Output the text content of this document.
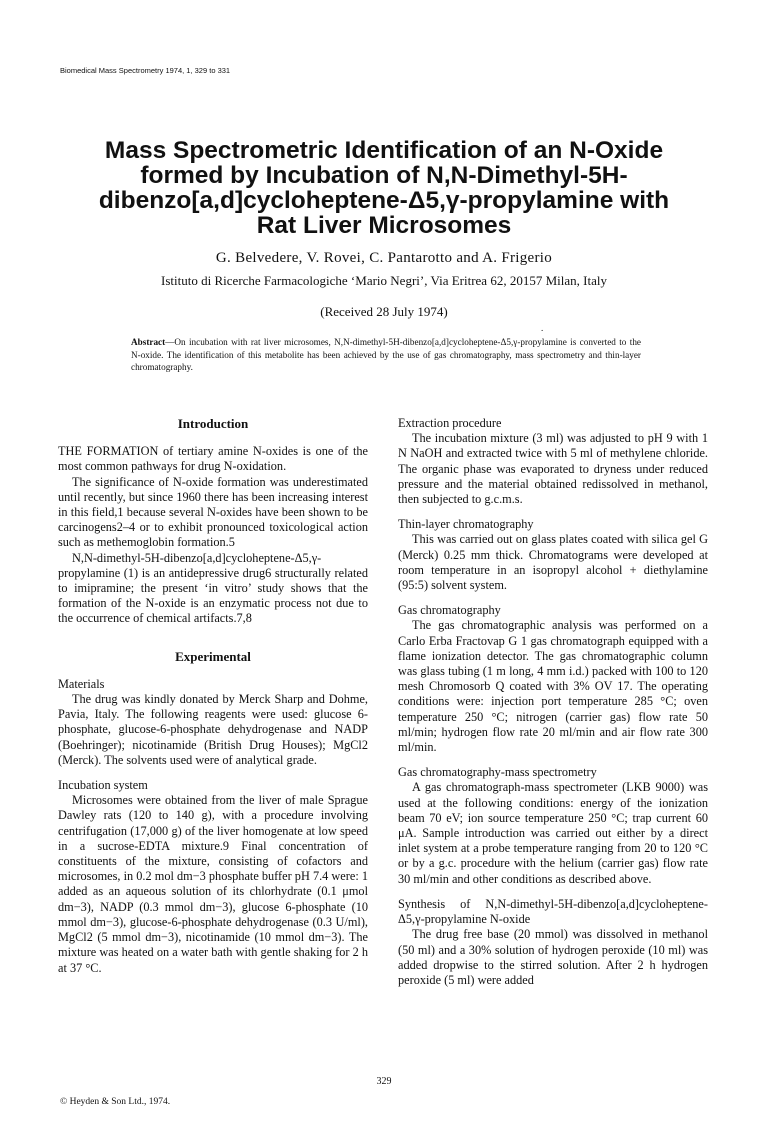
Biomedical Mass Spectrometry 1974, 1, 329 to 331
Mass Spectrometric Identification of an N-Oxide
formed by Incubation of N,N-Dimethyl-5H-
dibenzo[a,d]cycloheptene-Δ5,γ-propylamine with
Rat Liver Microsomes
G. Belvedere, V. Rovei, C. Pantarotto and A. Frigerio
Istituto di Ricerche Farmacologiche ‘Mario Negri’, Via Eritrea 62, 20157 Milan, Italy
(Received 28 July 1974)
.
Abstract—On incubation with rat liver microsomes, N,N-dimethyl-5H-dibenzo[a,d]cycloheptene-Δ5,γ-propylamine is converted to the N-oxide. The identification of this metabolite has been achieved by the use of gas chromatography, mass spectrometry and thin-layer chromatography.
Introduction

THE FORMATION of tertiary amine N-oxides is one of the most common pathways for drug N-oxidation.

The significance of N-oxide formation was underestimated until recently, but since 1960 there has been increasing interest in this field,1 because several N-oxides have been shown to be carcinogens2–4 or to exhibit pronounced toxicological action such as methemoglobin formation.5

N,N-dimethyl-5H-dibenzo[a,d]cycloheptene-Δ5,γ-propylamine (1) is an antidepressive drug6 structurally related to imipramine; the present ‘in vitro’ study shows that the formation of the N-oxide is an enzymatic process not due to the occurrence of chemical artifacts.7,8

Experimental

Materials

The drug was kindly donated by Merck Sharp and Dohme, Pavia, Italy. The following reagents were used: glucose 6-phosphate, glucose-6-phosphate dehydrogenase and NADP (Boehringer); nicotinamide (British Drug Houses); MgCl2 (Merck). The solvents used were of analytical grade.

Incubation system

Microsomes were obtained from the liver of male Sprague Dawley rats (120 to 140 g), with a procedure involving centrifugation (17,000 g) of the liver homogenate at low speed in a sucrose-EDTA mixture.9 Final concentration of constituents of the mixture, consisting of cofactors and microsomes, in 0.2 mol dm−3 phosphate buffer pH 7.4 were: 1 added as an aqueous solution of its chlorhydrate (0.1 μmol dm−3), NADP (0.3 mmol dm−3), glucose 6-phosphate (10 mmol dm−3), glucose-6-phosphate dehydrogenase (0.3 U/ml), MgCl2 (5 mmol dm−3), nicotinamide (10 mmol dm−3). The mixture was heated on a water bath with gentle shaking for 2 h at 37 °C.

Extraction procedure

The incubation mixture (3 ml) was adjusted to pH 9 with 1 N NaOH and extracted twice with 5 ml of methylene chloride. The organic phase was evaporated to dryness under reduced pressure and the material obtained redissolved in methanol, then subjected to g.c.m.s.

Thin-layer chromatography

This was carried out on glass plates coated with silica gel G (Merck) 0.25 mm thick. Chromatograms were developed at room temperature in an isopropyl alcohol + diethylamine (95:5) solvent system.

Gas chromatography

The gas chromatographic analysis was performed on a Carlo Erba Fractovap G 1 gas chromatograph equipped with a flame ionization detector. The gas chromatographic column was glass tubing (1 m long, 4 mm i.d.) packed with 100 to 120 mesh Chromosorb Q coated with 3% OV 17. The operating conditions were: injection port temperature 285 °C; oven temperature 250 °C; nitrogen (carrier gas) flow rate 50 ml/min; hydrogen flow rate 20 ml/min and air flow rate 300 ml/min.

Gas chromatography-mass spectrometry

A gas chromatograph-mass spectrometer (LKB 9000) was used at the following conditions: energy of the ionization beam 70 eV; ion source temperature 250 °C; trap current 60 μA. Sample introduction was carried out either by a direct inlet system at a probe temperature ranging from 20 to 120 °C or by a g.c. procedure with the helium (carrier gas) flow rate 30 ml/min and other conditions as described above.

Synthesis of N,N-dimethyl-5H-dibenzo[a,d]cycloheptene-Δ5,γ-propylamine N-oxide

The drug free base (20 mmol) was dissolved in methanol (50 ml) and a 30% solution of hydrogen peroxide (10 ml) was added dropwise to the stirred solution. After 2 h hydrogen peroxide (5 ml) were added

329
© Heyden & Son Ltd., 1974.
